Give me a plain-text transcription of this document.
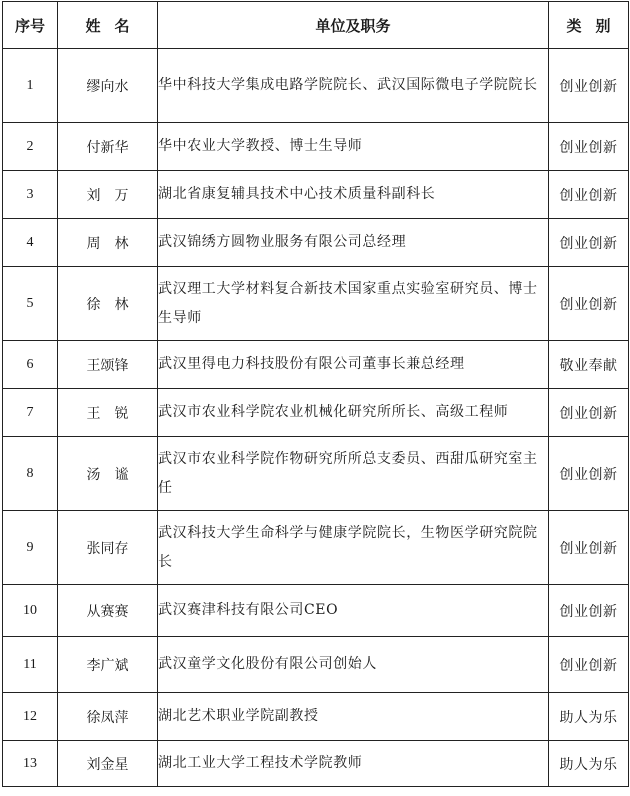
序号	姓名	单位及职务	类别
1	缪向水	华中科技大学集成电路学院院长、武汉国际微电子学院院长	创业创新
2	付新华	华中农业大学教授、博士生导师	创业创新
3	刘万	湖北省康复辅具技术中心技术质量科副科长	创业创新
4	周林	武汉锦绣方圆物业服务有限公司总经理	创业创新
5	徐林	武汉理工大学材料复合新技术国家重点实验室研究员、博士生导师	创业创新
6	王颂锋	武汉里得电力科技股份有限公司董事长兼总经理	敬业奉献
7	王锐	武汉市农业科学院农业机械化研究所所长、高级工程师	创业创新
8	汤谧	武汉市农业科学院作物研究所所总支委员、西甜瓜研究室主任	创业创新
9	张同存	武汉科技大学生命科学与健康学院院长，生物医学研究院院长	创业创新
10	从赛赛	武汉赛津科技有限公司CEO	创业创新
11	李广斌	武汉童学文化股份有限公司创始人	创业创新
12	徐凤萍	湖北艺术职业学院副教授	助人为乐
13	刘金星	湖北工业大学工程技术学院教师	助人为乐
